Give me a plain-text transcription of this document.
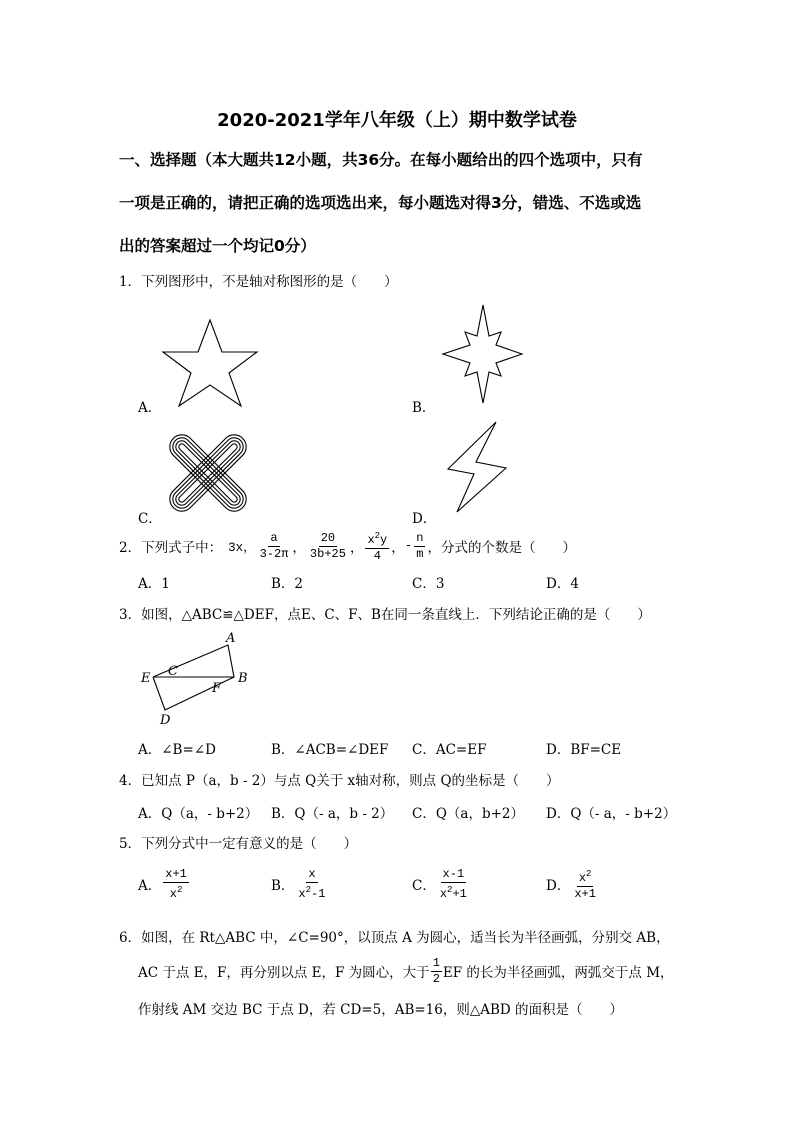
2020-2021学年八年级（上）期中数学试卷
一、选择题（本大题共12小题，共36分。在每小题给出的四个选项中，只有
一项是正确的，请把正确的选项选出来，每小题选对得3分，错选、不选或选
出的答案超过一个均记0分）
1．下列图形中，不是轴对称图形的是（　　）
A．	B．
C．	D．
2．下列式子中： 3x， $\frac{a}{3-2\pi}$ ， $\frac{20}{3b+25}$ ， $\frac{x^2y}{4}$ ， - $\frac{n}{m}$ ，分式的个数是（　　）
A．1	B．2	C．3	D．4
3．如图，△ABC≌△DEF，点E、C、F、B在同一条直线上．下列结论正确的是（　　）
A
B
C
D
E
F
A．∠B=∠D	B．∠ACB=∠DEF C．AC=EF	D．BF=CE
4．已知点 P（a，b - 2）与点 Q关于 x轴对称，则点 Q的坐标是（　　）
A．Q（a，- b+2） B．Q（- a，b - 2） C．Q（a，b+2） D．Q（- a，- b+2）
5．下列分式中一定有意义的是（　　）
A． $\frac{x+1}{x^2}$	B． $\frac{x}{x^2-1}$	C． $\frac{x-1}{x^2+1}$	D． $\frac{x^2}{x+1}$
6．如图，在 Rt△ABC 中，∠C=90°，以顶点 A 为圆心，适当长为半径画弧，分别交 AB，
AC 于点 E，F，再分别以点 E，F 为圆心，大于 $\frac{1}{2}$ EF 的长为半径画弧，两弧交于点 M，
作射线 AM 交边 BC 于点 D，若 CD=5，AB=16，则△ABD 的面积是（　　）
